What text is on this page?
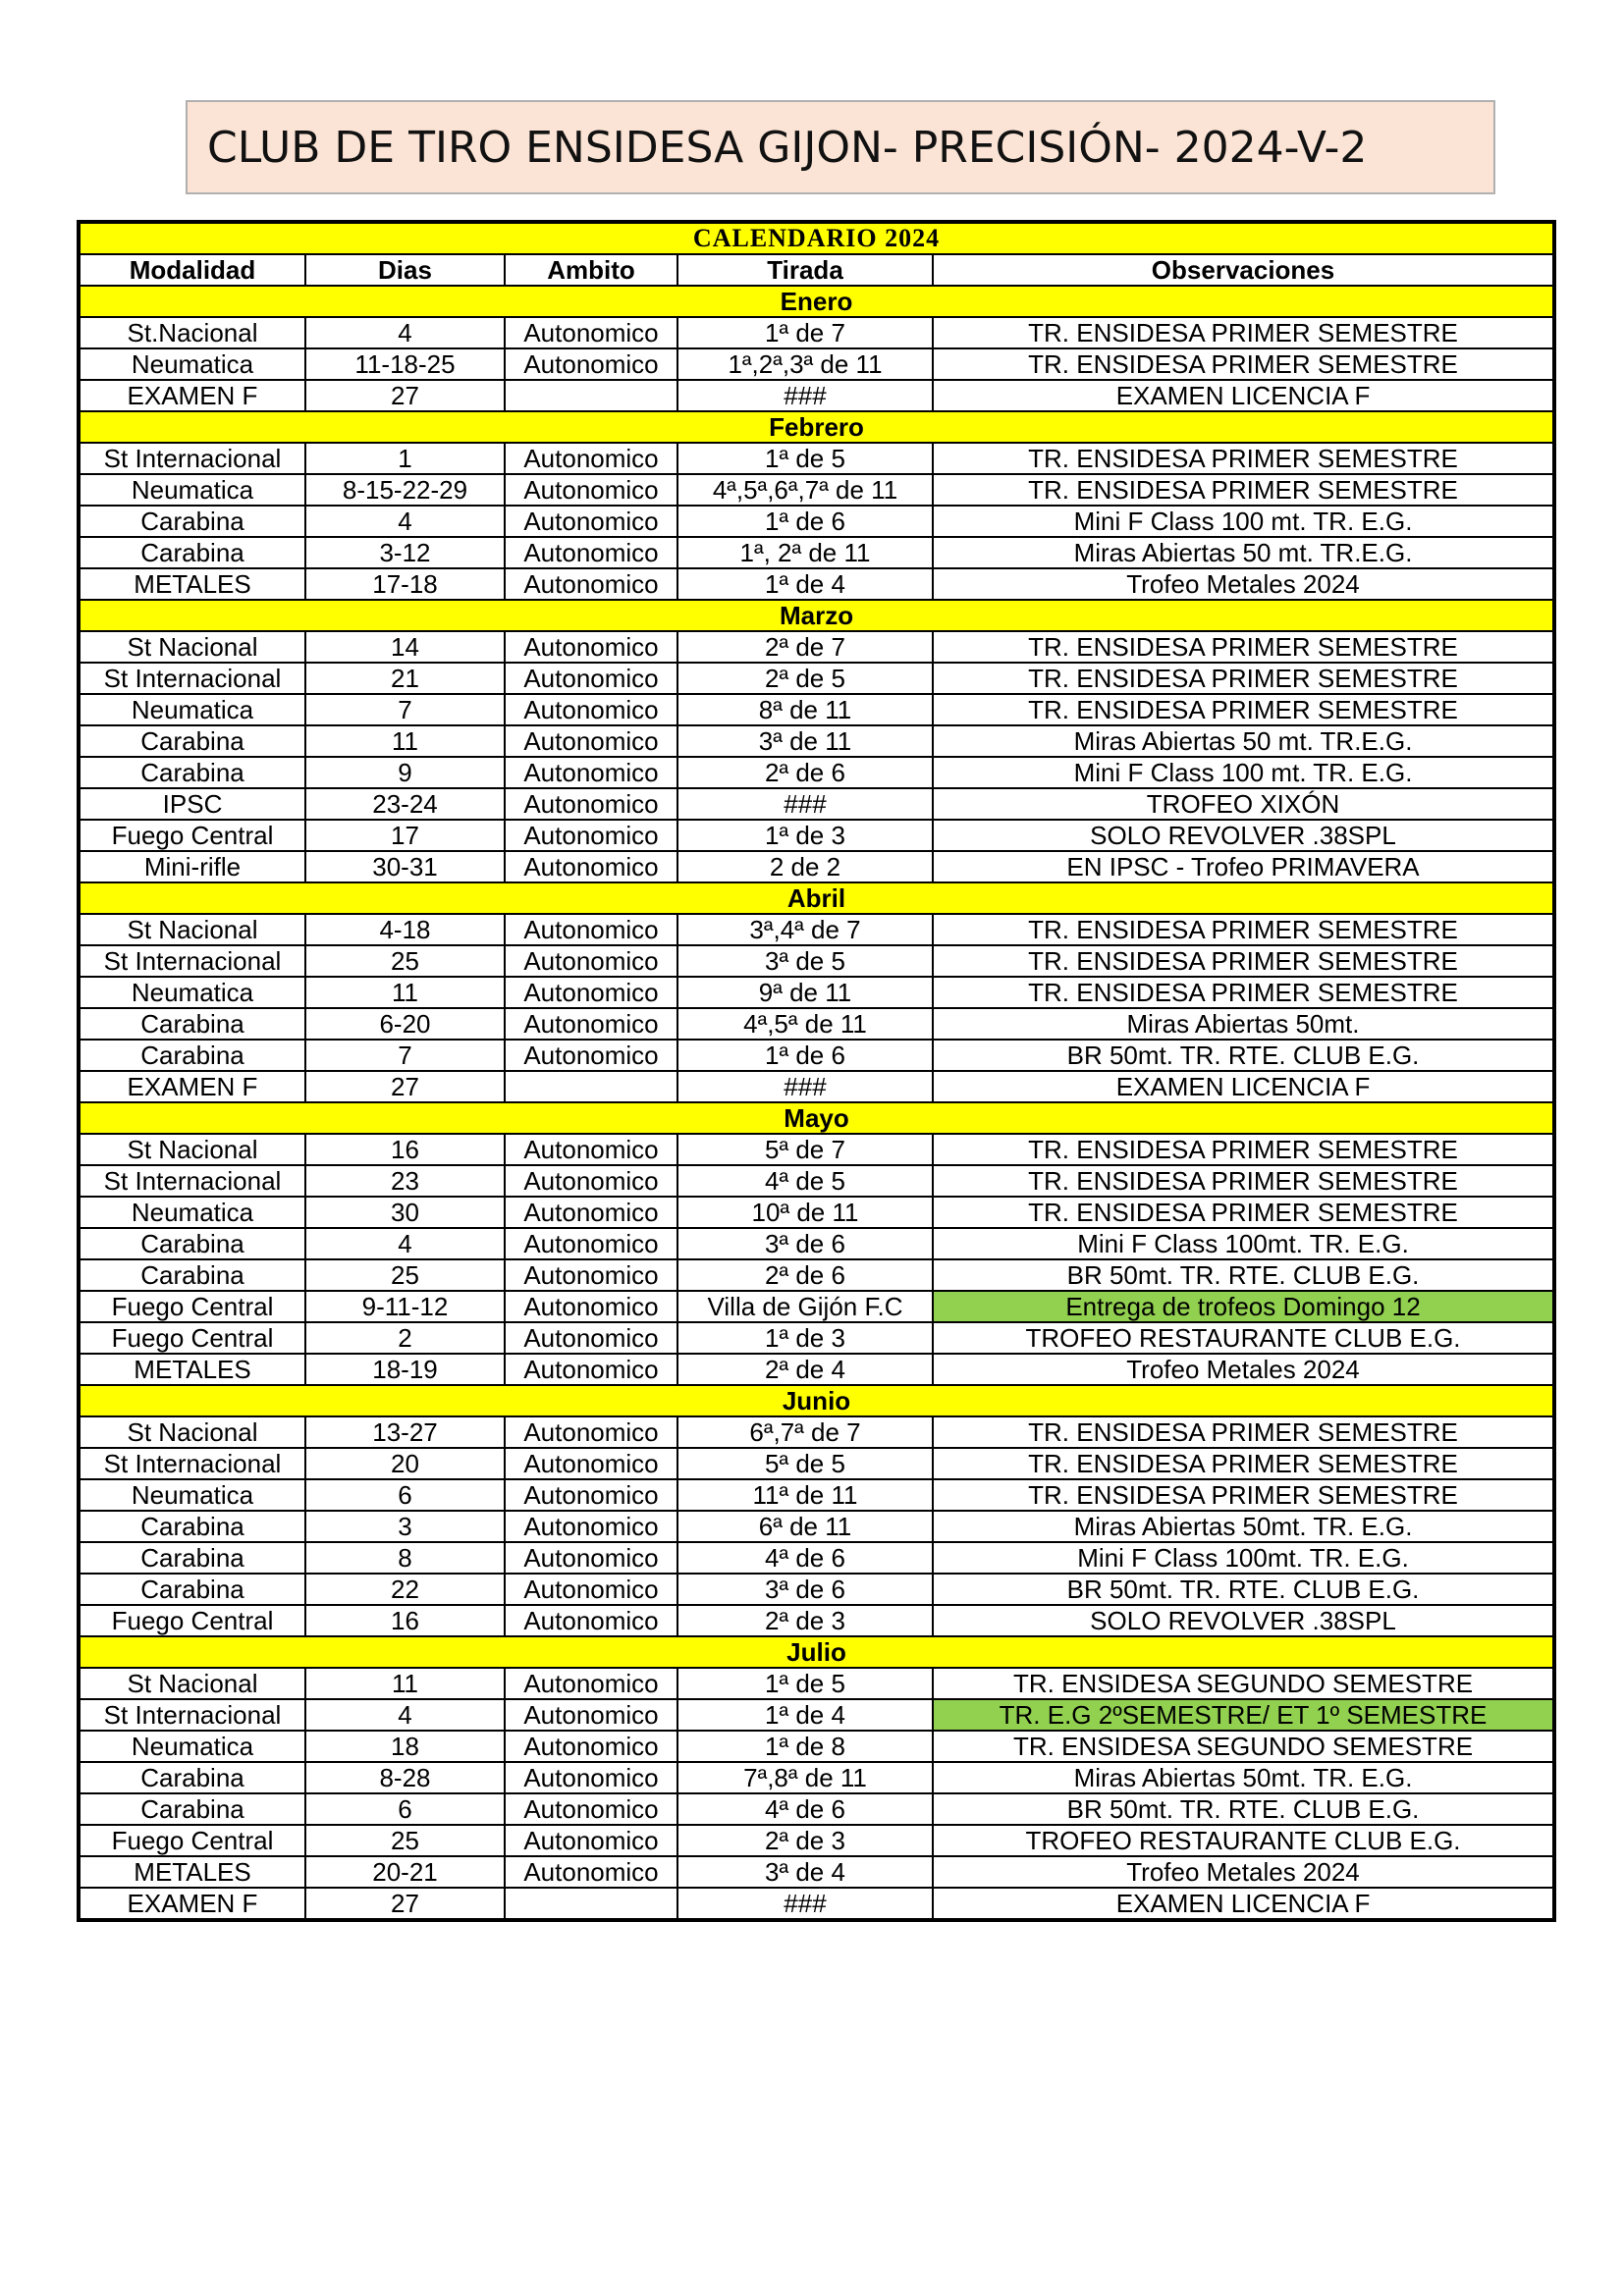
CLUB DE TIRO ENSIDESA GIJON- PRECISIÓN- 2024-V-2
CALENDARIO 2024				
Modalidad	Dias	Ambito	Tirada	Observaciones
Enero				
St.Nacional	4	Autonomico	1ª de 7	TR. ENSIDESA PRIMER SEMESTRE
Neumatica	11-18-25	Autonomico	1ª,2ª,3ª de 11	TR. ENSIDESA PRIMER SEMESTRE
EXAMEN F	27		###	EXAMEN LICENCIA F
Febrero				
St Internacional	1	Autonomico	1ª de 5	TR. ENSIDESA PRIMER SEMESTRE
Neumatica	8-15-22-29	Autonomico	4ª,5ª,6ª,7ª de 11	TR. ENSIDESA PRIMER SEMESTRE
Carabina	4	Autonomico	1ª de 6	Mini F Class 100 mt. TR. E.G.
Carabina	3-12	Autonomico	1ª, 2ª de 11	Miras Abiertas 50 mt. TR.E.G.
METALES	17-18	Autonomico	1ª de 4	Trofeo Metales 2024
Marzo				
St Nacional	14	Autonomico	2ª de 7	TR. ENSIDESA PRIMER SEMESTRE
St Internacional	21	Autonomico	2ª de 5	TR. ENSIDESA PRIMER SEMESTRE
Neumatica	7	Autonomico	8ª de 11	TR. ENSIDESA PRIMER SEMESTRE
Carabina	11	Autonomico	3ª de 11	Miras Abiertas 50 mt. TR.E.G.
Carabina	9	Autonomico	2ª de 6	Mini F Class 100 mt. TR. E.G.
IPSC	23-24	Autonomico	###	TROFEO XIXÓN
Fuego Central	17	Autonomico	1ª de 3	SOLO REVOLVER .38SPL
Mini-rifle	30-31	Autonomico	2 de 2	EN IPSC - Trofeo PRIMAVERA
Abril				
St Nacional	4-18	Autonomico	3ª,4ª de 7	TR. ENSIDESA PRIMER SEMESTRE
St Internacional	25	Autonomico	3ª de 5	TR. ENSIDESA PRIMER SEMESTRE
Neumatica	11	Autonomico	9ª de 11	TR. ENSIDESA PRIMER SEMESTRE
Carabina	6-20	Autonomico	4ª,5ª de 11	Miras Abiertas 50mt.
Carabina	7	Autonomico	1ª de 6	BR 50mt. TR. RTE. CLUB E.G.
EXAMEN F	27		###	EXAMEN LICENCIA F
Mayo				
St Nacional	16	Autonomico	5ª de 7	TR. ENSIDESA PRIMER SEMESTRE
St Internacional	23	Autonomico	4ª de 5	TR. ENSIDESA PRIMER SEMESTRE
Neumatica	30	Autonomico	10ª de 11	TR. ENSIDESA PRIMER SEMESTRE
Carabina	4	Autonomico	3ª de 6	Mini F Class 100mt. TR. E.G.
Carabina	25	Autonomico	2ª de 6	BR 50mt. TR. RTE. CLUB E.G.
Fuego Central	9-11-12	Autonomico	Villa de Gijón F.C	Entrega de trofeos Domingo 12
Fuego Central	2	Autonomico	1ª de 3	TROFEO RESTAURANTE CLUB E.G.
METALES	18-19	Autonomico	2ª de 4	Trofeo Metales 2024
Junio				
St Nacional	13-27	Autonomico	6ª,7ª de 7	TR. ENSIDESA PRIMER SEMESTRE
St Internacional	20	Autonomico	5ª de 5	TR. ENSIDESA PRIMER SEMESTRE
Neumatica	6	Autonomico	11ª de 11	TR. ENSIDESA PRIMER SEMESTRE
Carabina	3	Autonomico	6ª de 11	Miras Abiertas 50mt. TR. E.G.
Carabina	8	Autonomico	4ª de 6	Mini F Class 100mt. TR. E.G.
Carabina	22	Autonomico	3ª de 6	BR 50mt. TR. RTE. CLUB E.G.
Fuego Central	16	Autonomico	2ª de 3	SOLO REVOLVER .38SPL
Julio				
St Nacional	11	Autonomico	1ª de 5	TR. ENSIDESA SEGUNDO SEMESTRE
St Internacional	4	Autonomico	1ª de 4	TR. E.G 2ºSEMESTRE/ ET 1º SEMESTRE
Neumatica	18	Autonomico	1ª de 8	TR. ENSIDESA SEGUNDO SEMESTRE
Carabina	8-28	Autonomico	7ª,8ª de 11	Miras Abiertas 50mt. TR. E.G.
Carabina	6	Autonomico	4ª de 6	BR 50mt. TR. RTE. CLUB E.G.
Fuego Central	25	Autonomico	2ª de 3	TROFEO RESTAURANTE CLUB E.G.
METALES	20-21	Autonomico	3ª de 4	Trofeo Metales 2024
EXAMEN F	27		###	EXAMEN LICENCIA F
